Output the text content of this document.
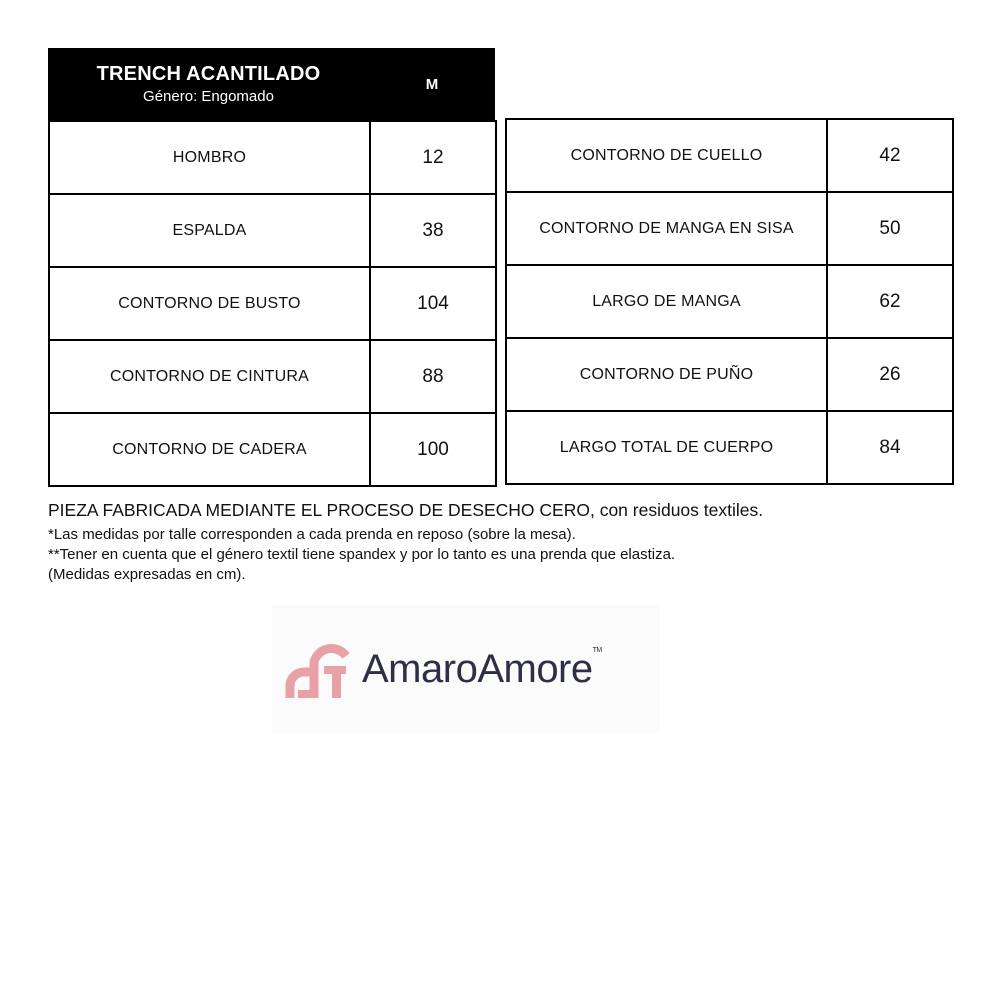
TRENCH ACANTILADO
Género: Engomado
M
HOMBRO	12
ESPALDA	38
CONTORNO DE BUSTO	104
CONTORNO DE CINTURA	88
CONTORNO DE CADERA	100
CONTORNO DE CUELLO	42
CONTORNO DE MANGA EN SISA	50
LARGO DE MANGA	62
CONTORNO DE PUÑO	26
LARGO TOTAL DE CUERPO	84

PIEZA FABRICADA MEDIANTE EL PROCESO DE DESECHO CERO, con residuos textiles.

*Las medidas por talle corresponden a cada prenda en reposo (sobre la mesa).

**Tener en cuenta que el género textil tiene spandex y por lo tanto es una prenda que elastiza.

(Medidas expresadas en cm).

AmaroAmore™
